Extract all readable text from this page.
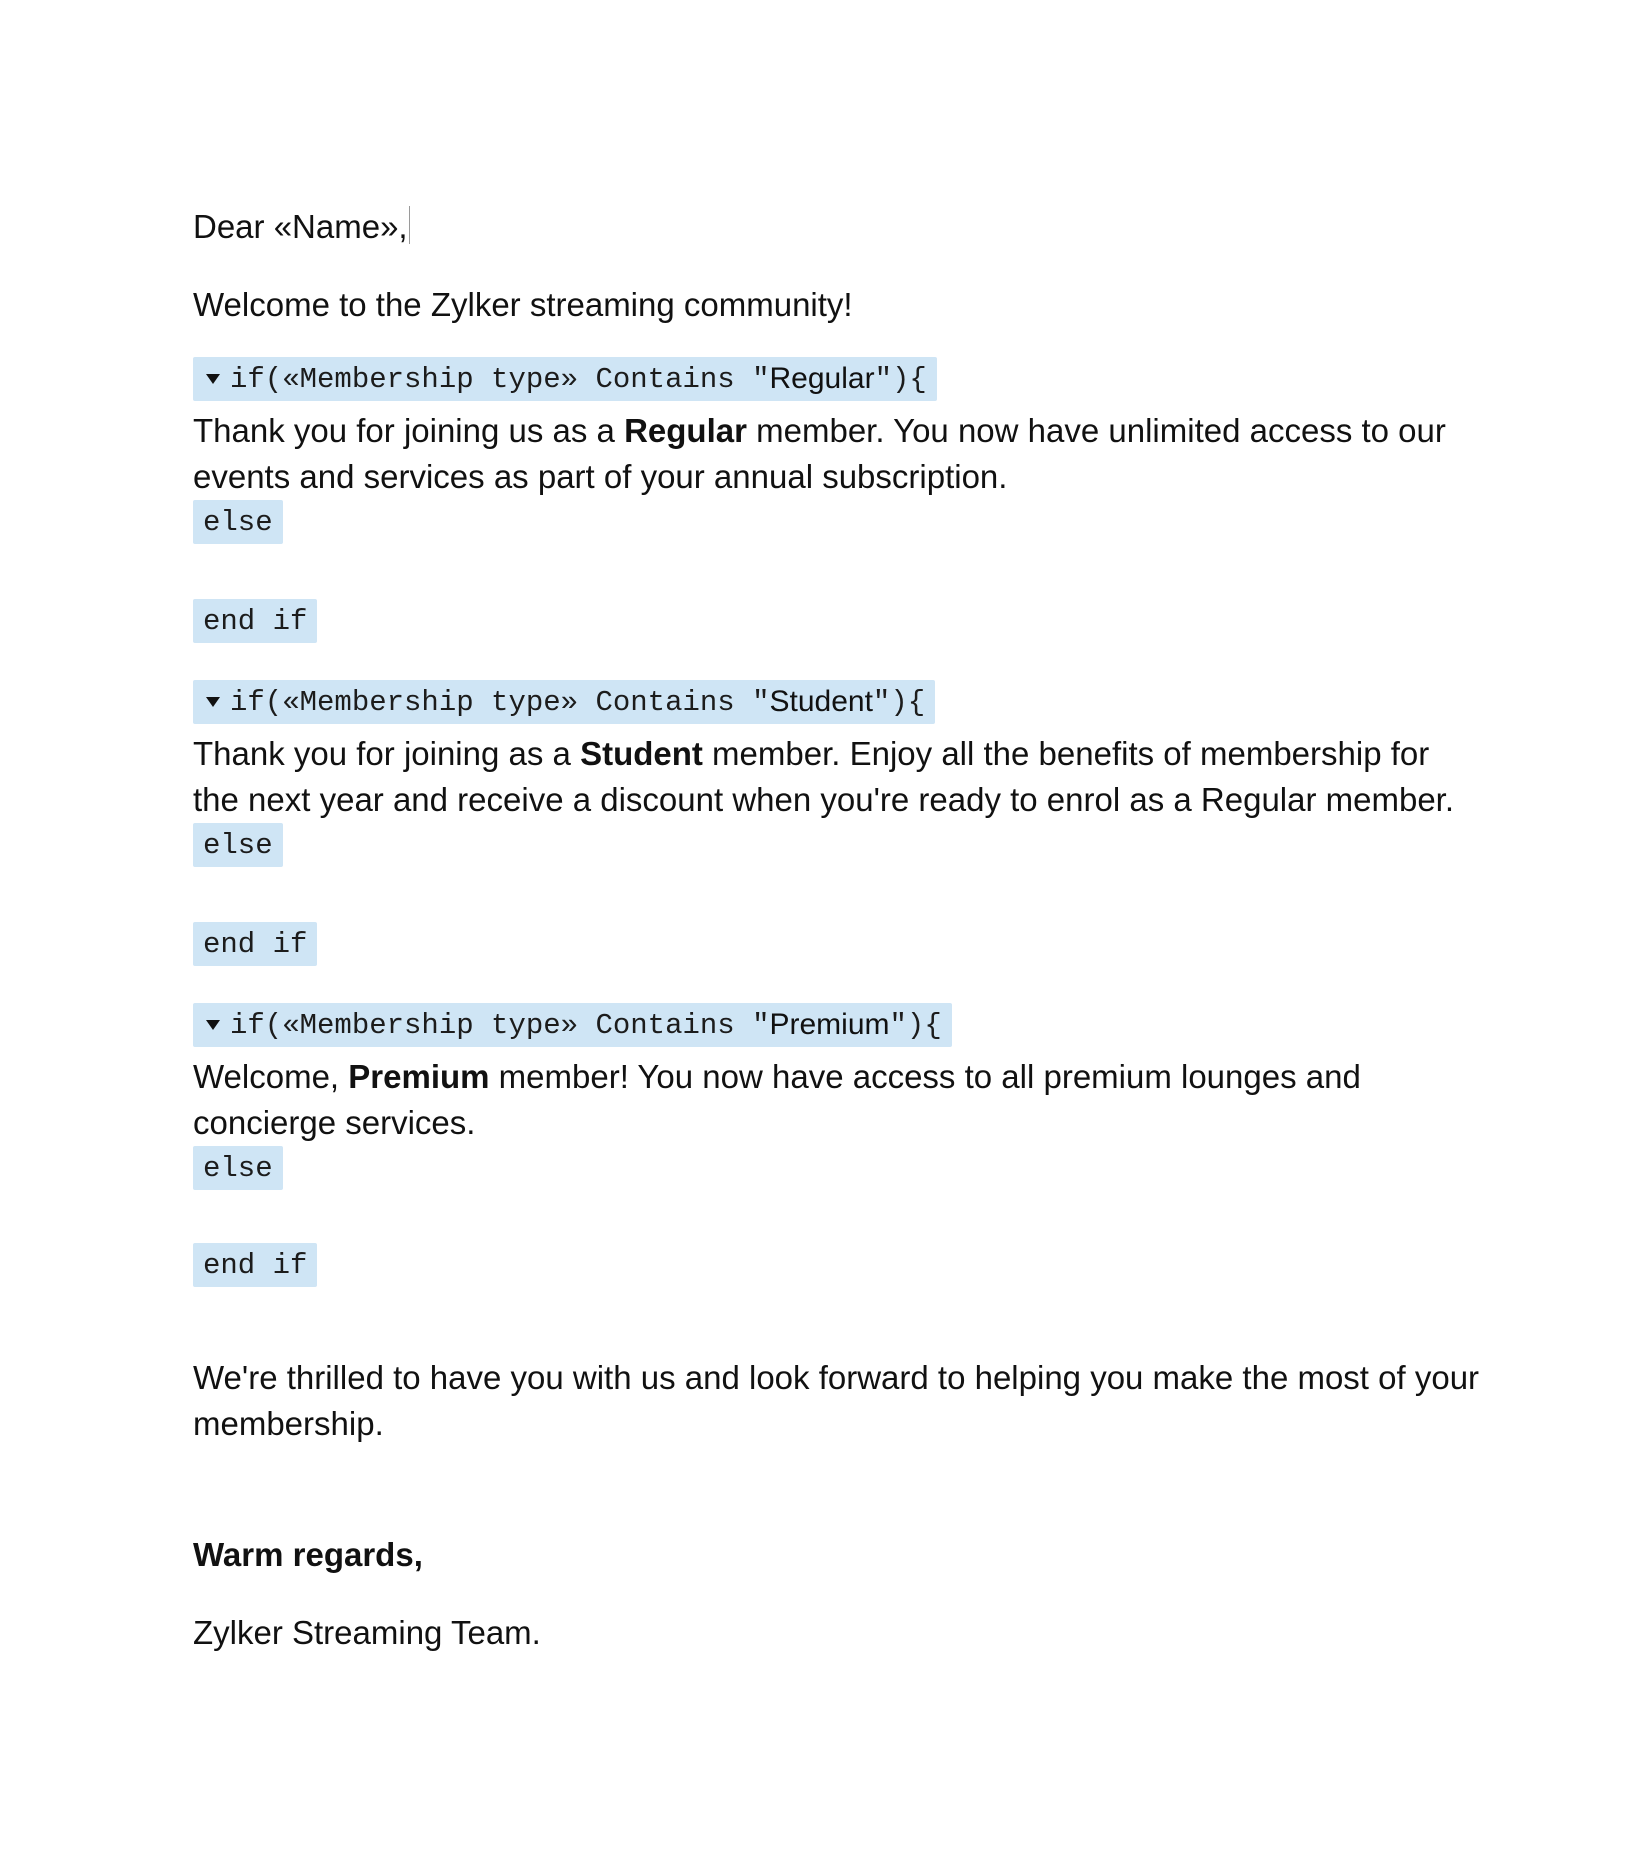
Dear «Name»,
Welcome to the Zylker streaming community!
if(«Membership type» Contains " Regular "){
Thank you for joining us as a Regular member. You now have unlimited access to our events and services as part of your annual subscription.
else
end if
if(«Membership type» Contains " Student "){
Thank you for joining as a Student member. Enjoy all the benefits of membership for the next year and receive a discount when you're ready to enrol as a Regular member.
else
end if
if(«Membership type» Contains " Premium "){
Welcome, Premium member! You now have access to all premium lounges and concierge services.
else
end if
We're thrilled to have you with us and look forward to helping you make the most of your membership.
Warm regards,
Zylker Streaming Team.
